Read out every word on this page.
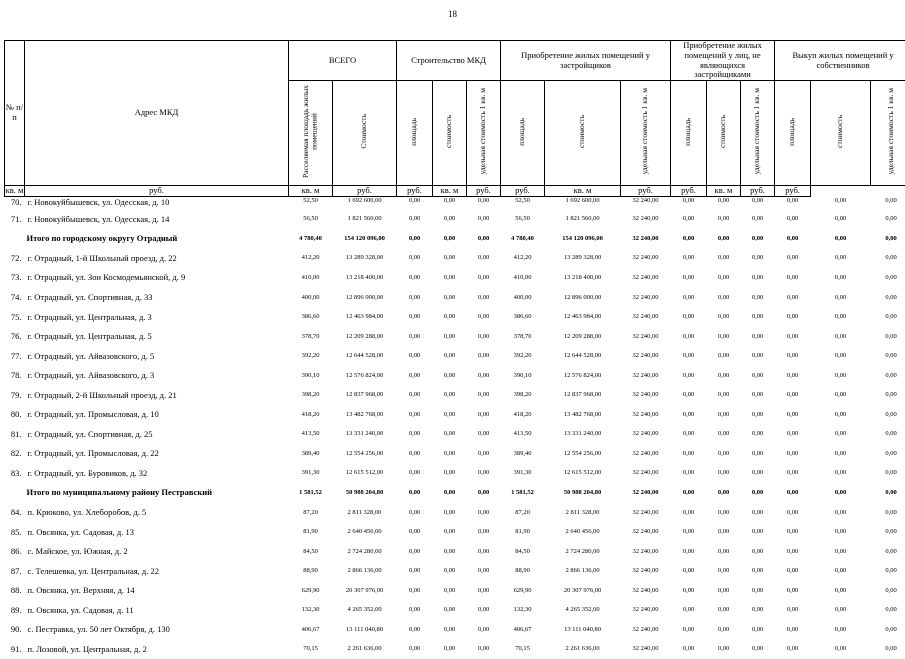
18
№ п/п	Адрес МКД	ВСЕГО		Строительство МКД			Приобретение жилых помещений у застройщиков			Приобретение жилых помещений у лиц, не являющихся застройщиками			Выкуп жилых помещений у собственников		
		Расселяемая площадь жилых помещений	Стоимость	площадь	стоимость	удельная стоимость 1 кв. м	площадь	стоимость	удельная стоимость 1 кв. м	площадь	стоимость	удельная стоимость 1 кв. м	площадь	стоимость	удельная стоимость 1 кв. м
кв. м	руб.	кв. м	руб.	руб.	кв. м	руб.	руб.	кв. м	руб.	руб.	кв. м	руб.	руб.		
70.	г. Новокуйбышевск, ул. Одесская, д. 10	52,50	1 692 600,00	0,00	0,00	0,00	52,50	1 692 600,00	32 240,00	0,00	0,00	0,00	0,00	0,00	0,00
71.	г. Новокуйбышевск, ул. Одесская, д. 14	56,50	1 821 560,00	0,00	0,00	0,00	56,50	1 821 560,00	32 240,00	0,00	0,00	0,00	0,00	0,00	0,00
Итого по городскому округу Отрадный		4 780,40	154 120 096,00	0,00	0,00	0,00	4 780,40	154 120 096,00	32 240,00	0,00	0,00	0,00	0,00	0,00	0,00
72.	г. Отрадный, 1-й Школьный проезд, д. 22	412,20	13 289 328,00	0,00	0,00	0,00	412,20	13 289 328,00	32 240,00	0,00	0,00	0,00	0,00	0,00	0,00
73.	г. Отрадный, ул. Зои Космодемьянской, д. 9	410,00	13 218 400,00	0,00	0,00	0,00	410,00	13 218 400,00	32 240,00	0,00	0,00	0,00	0,00	0,00	0,00
74.	г. Отрадный, ул. Спортивная, д. 33	400,00	12 896 000,00	0,00	0,00	0,00	400,00	12 896 000,00	32 240,00	0,00	0,00	0,00	0,00	0,00	0,00
75.	г. Отрадный, ул. Центральная, д. 3	386,60	12 463 984,00	0,00	0,00	0,00	386,60	12 463 984,00	32 240,00	0,00	0,00	0,00	0,00	0,00	0,00
76.	г. Отрадный, ул. Центральная, д. 5	378,70	12 209 288,00	0,00	0,00	0,00	378,70	12 209 288,00	32 240,00	0,00	0,00	0,00	0,00	0,00	0,00
77.	г. Отрадный, ул. Айвазовского, д. 5	392,20	12 644 528,00	0,00	0,00	0,00	392,20	12 644 528,00	32 240,00	0,00	0,00	0,00	0,00	0,00	0,00
78.	г. Отрадный, ул. Айвазовского, д. 3	390,10	12 576 824,00	0,00	0,00	0,00	390,10	12 576 824,00	32 240,00	0,00	0,00	0,00	0,00	0,00	0,00
79.	г. Отрадный, 2-й Школьный проезд, д. 21	398,20	12 837 968,00	0,00	0,00	0,00	398,20	12 837 968,00	32 240,00	0,00	0,00	0,00	0,00	0,00	0,00
80.	г. Отрадный, ул. Промысловая, д. 10	418,20	13 482 768,00	0,00	0,00	0,00	418,20	13 482 768,00	32 240,00	0,00	0,00	0,00	0,00	0,00	0,00
81.	г. Отрадный, ул. Спортивная, д. 25	413,50	13 331 240,00	0,00	0,00	0,00	413,50	13 331 240,00	32 240,00	0,00	0,00	0,00	0,00	0,00	0,00
82.	г. Отрадный, ул. Промысловая, д. 22	389,40	12 554 256,00	0,00	0,00	0,00	389,40	12 554 256,00	32 240,00	0,00	0,00	0,00	0,00	0,00	0,00
83.	г. Отрадный, ул. Буровиков, д. 32	391,30	12 615 512,00	0,00	0,00	0,00	391,30	12 615 512,00	32 240,00	0,00	0,00	0,00	0,00	0,00	0,00
Итого по муниципальному району Пестравский		1 581,52	50 988 204,80	0,00	0,00	0,00	1 581,52	50 988 204,80	32 240,00	0,00	0,00	0,00	0,00	0,00	0,00
84.	п. Крюково, ул. Хлеборобов, д. 5	87,20	2 811 328,00	0,00	0,00	0,00	87,20	2 811 328,00	32 240,00	0,00	0,00	0,00	0,00	0,00	0,00
85.	п. Овсянка, ул. Садовая, д. 13	81,90	2 640 456,00	0,00	0,00	0,00	81,90	2 640 456,00	32 240,00	0,00	0,00	0,00	0,00	0,00	0,00
86.	с. Майское, ул. Южная, д. 2	84,50	2 724 280,00	0,00	0,00	0,00	84,50	2 724 280,00	32 240,00	0,00	0,00	0,00	0,00	0,00	0,00
87.	с. Телешевка, ул. Центральная, д. 22	88,90	2 866 136,00	0,00	0,00	0,00	88,90	2 866 136,00	32 240,00	0,00	0,00	0,00	0,00	0,00	0,00
88.	п. Овсянка, ул. Верхняя, д. 14	629,90	20 307 976,00	0,00	0,00	0,00	629,90	20 307 976,00	32 240,00	0,00	0,00	0,00	0,00	0,00	0,00
89.	п. Овсянка, ул. Садовая, д. 11	132,30	4 265 352,00	0,00	0,00	0,00	132,30	4 265 352,00	32 240,00	0,00	0,00	0,00	0,00	0,00	0,00
90.	с. Пестравка, ул. 50 лет Октября, д. 130	406,67	13 111 040,80	0,00	0,00	0,00	406,67	13 111 040,80	32 240,00	0,00	0,00	0,00	0,00	0,00	0,00
91.	п. Лозовой, ул. Центральная, д. 2	70,15	2 261 636,00	0,00	0,00	0,00	70,15	2 261 636,00	32 240,00	0,00	0,00	0,00	0,00	0,00	0,00
